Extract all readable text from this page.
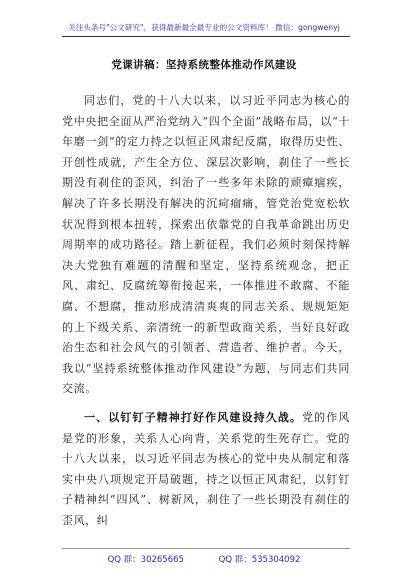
关注头条号"公文研究"，获得最新最全最专业的公文资料库！ 微信：gongwenyj
党课讲稿：坚持系统整体推动作风建设

同志们，党的十八大以来，以习近平同志为核心的党中央把全面从严治党纳入“四个全面”战略布局，以“十年磨一剑”的定力持之以恒正风肃纪反腐，取得历史性、开创性成就，产生全方位、深层次影响，刹住了一些长期没有刹住的歪风，纠治了一些多年未除的顽瘴痼疾，解决了许多长期没有解决的沉疴瘤痛，管党治党宽松软状况得到根本扭转，探索出依靠党的自我革命跳出历史周期率的成功路径。踏上新征程，我们必须时刻保持解决大党独有难题的清醒和坚定，坚持系统观念，把正风、肃纪、反腐统筹衔接起来，一体推进不敢腐、不能腐、不想腐，推动形成清清爽爽的同志关系、规规矩矩的上下级关系、亲清统一的新型政商关系，当好良好政治生态和社会风气的引领者、营造者、维护者。今天，我以“坚持系统整体推动作风建设”为题，与同志们共同交流。

一、以钉钉子精神打好作风建设持久战。党的作风是党的形象，关系人心向背，关系党的生死存亡。党的十八大以来，以习近平同志为核心的党中央从制定和落实中央八项规定开局破题，持之以恒正风肃纪，以钉钉子精神纠“四风”、树新风，刹住了一些长期没有刹住的歪风，纠

QQ 群：30265665	QQ 群：535304092
